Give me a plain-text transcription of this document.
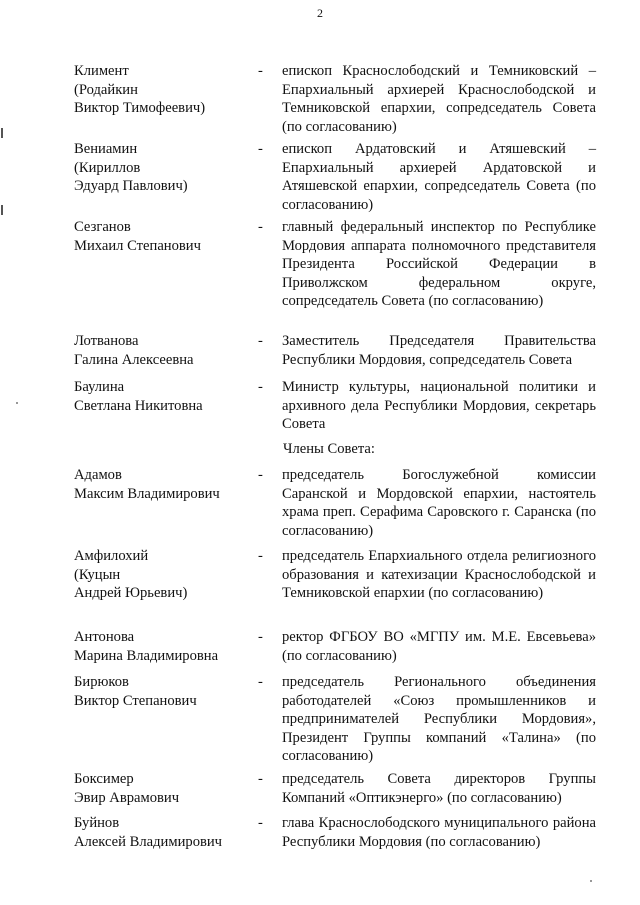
2
Климент
(Родайкин
Виктор Тимофеевич)
- епископ Краснослободский и Темниковский – Епархиальный архиерей Краснослободской и Темниковской епархии, сопредседатель Совета (по согласованию)
Вениамин
(Кириллов
Эдуард Павлович)
- епископ Ардатовский и Атяшевский – Епархиальный архиерей Ардатовской и Атяшевской епархии, сопредседатель Совета (по согласованию)
Сезганов
Михаил Степанович
- главный федеральный инспектор по Республике Мордовия аппарата полномочного представителя Президента Российской Федерации в Приволжском федеральном округе, сопредседатель Совета (по согласованию)
Лотванова
Галина Алексеевна
- Заместитель Председателя Правительства Республики Мордовия, сопредседатель Совета
Баулина
Светлана Никитовна
- Министр культуры, национальной политики и архивного дела Республики Мордовия, секретарь Совета
Члены Совета:
Адамов
Максим Владимирович
- председатель Богослужебной комиссии Саранской и Мордовской епархии, настоятель храма преп. Серафима Саровского г. Саранска (по согласованию)
Амфилохий
(Куцын
Андрей Юрьевич)
- председатель Епархиального отдела религиозного образования и катехизации Краснослободской и Темниковской епархии (по согласованию)
Антонова
Марина Владимировна
- ректор ФГБОУ ВО «МГПУ им. М.Е. Евсевьева» (по согласованию)
Бирюков
Виктор Степанович
- председатель Регионального объединения работодателей «Союз промышленников и предпринимателей Республики Мордовия», Президент Группы компаний «Талина» (по согласованию)
Боксимер
Эвир Аврамович
- председатель Совета директоров Группы Компаний «Оптикэнерго» (по согласованию)
Буйнов
Алексей Владимирович
- глава Краснослободского муниципального района Республики Мордовия (по согласованию)
